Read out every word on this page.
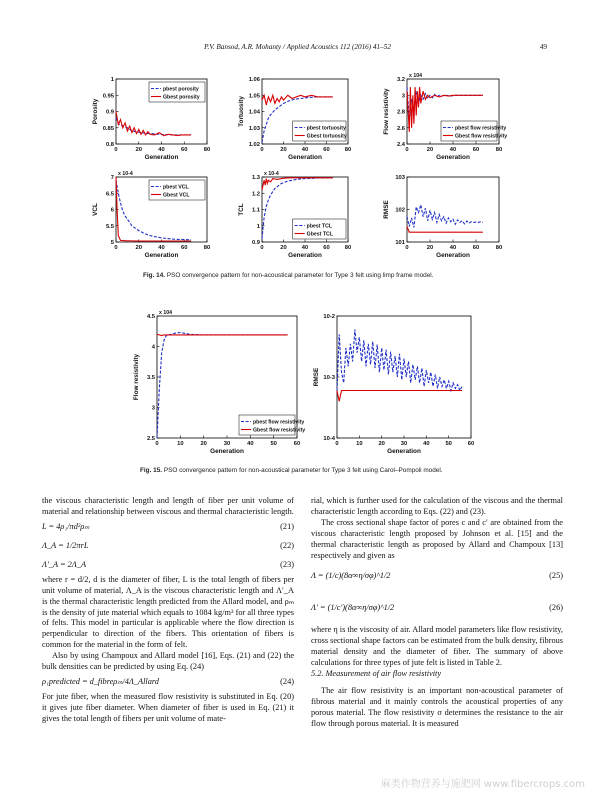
P.V. Bansod, A.R. Mohanty / Applied Acoustics 112 (2016) 41–52	49
0	20	40	60	80
0.8
0.85
0.9
0.95
1
Generation
Porosity
pbest porosity
Gbest porosity
0	20	40	60	80
1.02
1.03
1.04
1.05
1.06
Generation
Tortuosity
pbest tortuosity
Gbest tortuosity
0	20	40	60	80
2.4
2.6
2.8
3
3.2
Generation
Flow resistivity
x 104
pbest flow resistivity
Gbest flow resistivity
0	20	40	60	80
5
5.5
6
6.5
7
Generation
VCL
x 10-4
pbest VCL
Gbest VCL
0	20	40	60	80
0.9
1
1.1
1.2
1.3
Generation
TCL
x 10-4
pbest TCL
Gbest TCL
0	20	40	60	80
101
102
103
Generation
RMSE
0	10	20	30	40	50	60
2.5
3
3.5
4
4.5
Generation
Flow resistivity
x 104
pbest flow resistivity
Gbest flow resistivity
0	10	20	30	40	50	60
10-4
10-3
10-2
Generation
RMSE
Fig. 14. PSO convergence pattern for non-acoustical parameter for Type 3 felt using limp frame model.
Fig. 15. PSO convergence pattern for non-acoustical parameter for Type 3 felt using Carol–Pompoli model.

the viscous characteristic length and length of fiber per unit volume of material and relationship between viscous and thermal characteristic length.

L = 4ρ₁/πd²ρₘ	(21)
Λ_A = 1/2πrL	(22)
Λ′_A = 2Λ_A	(23)

where r = d/2, d is the diameter of fiber, L is the total length of fibers per unit volume of material, Λ_A is the viscous characteristic length and Λ′_A is the thermal characteristic length predicted from the Allard model, and ρₘ is the density of jute material which equals to 1084 kg/m³ for all three types of felts. This model in particular is applicable where the flow direction is perpendicular to direction of the fibers. This orientation of fibers is common for the material in the form of felt.

Also by using Champoux and Allard model [16], Eqs. (21) and (22) the bulk densities can be predicted by using Eq. (24)

ρ₁predicted = d_fibreρₘ/4Λ_Allard	(24)

For jute fiber, when the measured flow resistivity is substituted in Eq. (20) it gives jute fiber diameter. When diameter of fiber is used in Eq. (21) it gives the total length of fibers per unit volume of mate-

rial, which is further used for the calculation of the viscous and the thermal characteristic length according to Eqs. (22) and (23).

The cross sectional shape factor of pores c and c′ are obtained from the viscous characteristic length proposed by Johnson et al. [15] and the thermal characteristic length as proposed by Allard and Champoux [13] respectively and given as

Λ = (1/c)(8α∞η/σφ)^1/2	(25)
Λ′ = (1/c′)(8α∞η/σφ)^1/2	(26)

where η is the viscosity of air. Allard model parameters like flow resistivity, cross sectional shape factors can be estimated from the bulk density, fibrous material density and the diameter of fiber. The summary of above calculations for three types of jute felt is listed in Table 2.

5.2. Measurement of air flow resistivity

The air flow resistivity is an important non-acoustical parameter of fibrous material and it mainly controls the acoustical properties of any porous material. The flow resistivity σ determines the resistance to the air flow through porous material. It is measured

麻类作物营养与施肥网 www.fibercrops.com
